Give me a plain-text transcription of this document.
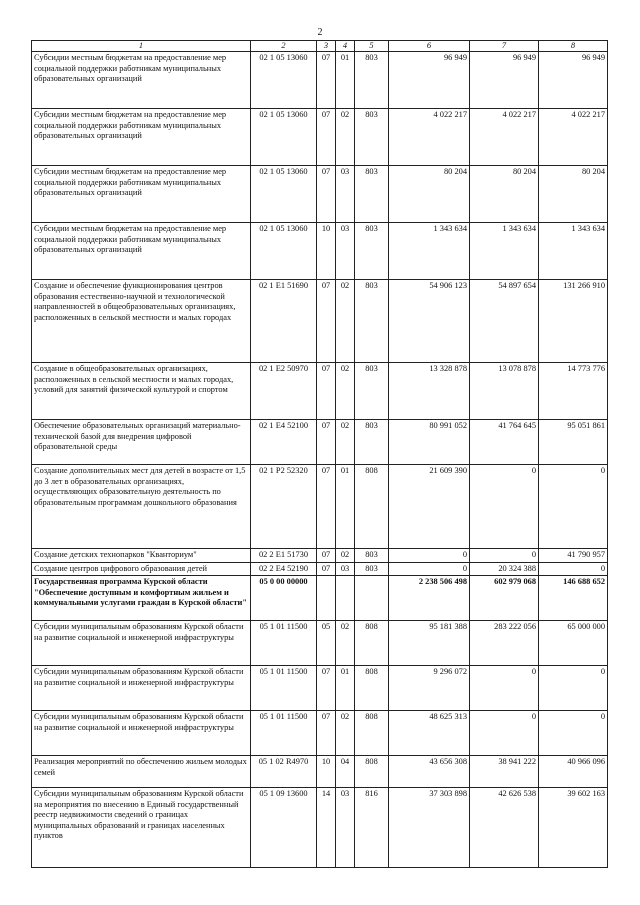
2
1	2	3	4	5	6	7	8
Субсидии местным бюджетам на предоставление мер социальной поддержки работникам муниципальных образовательных организаций	02 1 05 13060	07	01	803	96 949	96 949	96 949
Субсидии местным бюджетам на предоставление мер социальной поддержки работникам муниципальных образовательных организаций	02 1 05 13060	07	02	803	4 022 217	4 022 217	4 022 217
Субсидии местным бюджетам на предоставление мер социальной поддержки работникам муниципальных образовательных организаций	02 1 05 13060	07	03	803	80 204	80 204	80 204
Субсидии местным бюджетам на предоставление мер социальной поддержки работникам муниципальных образовательных организаций	02 1 05 13060	10	03	803	1 343 634	1 343 634	1 343 634
Создание и обеспечение функционирования центров образования естественно-научной и технологической направленностей в общеобразовательных организациях, расположенных в сельской местности и малых городах	02 1 E1 51690	07	02	803	54 906 123	54 897 654	131 266 910
Создание в общеобразовательных организациях, расположенных в сельской местности и малых городах, условий для занятий физической культурой и спортом	02 1 E2 50970	07	02	803	13 328 878	13 078 878	14 773 776
Обеспечение образовательных организаций материально-технической базой для внедрения цифровой образовательной среды	02 1 E4 52100	07	02	803	80 991 052	41 764 645	95 051 861
Создание дополнительных мест для детей в возрасте от 1,5 до 3 лет в образовательных организациях, осуществляющих образовательную деятельность по образовательным программам дошкольного образования	02 1 P2 52320	07	01	808	21 609 390	0	0
Создание детских технопарков "Кванториум"	02 2 E1 51730	07	02	803	0	0	41 790 957
Создание центров цифрового образования детей	02 2 E4 52190	07	03	803	0	20 324 388	0
Государственная программа Курской области "Обеспечение доступным и комфортным жильем и коммунальными услугами граждан в Курской области"	05 0 00 00000				2 238 506 498	602 979 068	146 688 652
Субсидии муниципальным образованиям Курской области на развитие социальной и инженерной инфраструктуры	05 1 01 11500	05	02	808	95 181 388	283 222 056	65 000 000
Субсидии муниципальным образованиям Курской области на развитие социальной и инженерной инфраструктуры	05 1 01 11500	07	01	808	9 296 072	0	0
Субсидии муниципальным образованиям Курской области на развитие социальной и инженерной инфраструктуры	05 1 01 11500	07	02	808	48 625 313	0	0
Реализация мероприятий по обеспечению жильем молодых семей	05 1 02 R4970	10	04	808	43 656 308	38 941 222	40 966 096
Субсидии муниципальным образованиям Курской области на мероприятия по внесению в Единый государственный реестр недвижимости сведений о границах муниципальных образований и границах населенных пунктов	05 1 09 13600	14	03	816	37 303 898	42 626 538	39 602 163
